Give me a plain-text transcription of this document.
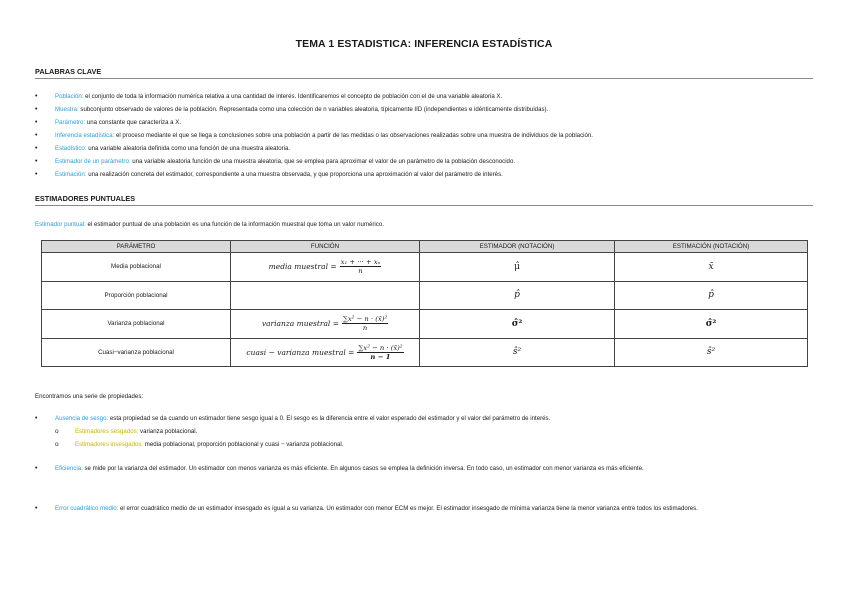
TEMA 1 ESTADISTICA: INFERENCIA ESTADÍSTICA
PALABRAS CLAVE
• Población: el conjunto de toda la información numérica relativa a una cantidad de interés. Identificaremos el concepto de población con el de una variable aleatoria X.
• Muestra: subconjunto observado de valores de la población. Representada como una colección de n variables aleatoria, típicamente IID (independientes e idénticamente distribuidas).
• Parámetro: una constante que caracteriza a X.
• Inferencia estadística: el proceso mediante el que se llega a conclusiones sobre una población a partir de las medidas o las observaciones realizadas sobre una muestra de individuos de la población.
• Estadístico: una variable aleatoria definida como una función de una muestra aleatoria.
• Estimador de un parámetro: una variable aleatoria función de una muestra aleatoria, que se emplea para aproximar el valor de un parámetro de la población desconocido.
• Estimación: una realización concreta del estimador, correspondiente a una muestra observada, y que proporciona una aproximación al valor del parámetro de interés.
ESTIMADORES PUNTUALES
Estimador puntual: el estimador puntual de una población es una función de la información muestral que toma un valor numérico.
PARÁMETRO	FUNCIÓN	ESTIMADOR (NOTACIÓN)	ESTIMACIÓN (NOTACIÓN)
Media poblacional	media muestral = $\frac{\text{x₁ + ··· + xₙ}}{n}$	μ̂	x̄
Proporción poblacional		p̂	p̂
Varianza poblacional	varianza muestral = $\frac{\text{∑x² − n · (x̄)²}}{n}$	σ̂²	σ̂²
Cuasi−varianza poblacional	cuasi − varianza muestral = $\frac{\text{∑x² − n · (x̄)²}}{n - 1}$	ŝ²	ŝ²
Encontramos una serie de propiedades:
• Ausencia de sesgo: esta propiedad se da cuando un estimador tiene sesgo igual a 0. El sesgo es la diferencia entre el valor esperado del estimador y el valor del parámetro de interés.
o Estimadores sesgados: varianza poblacional.
o Estimadores insesgados: media poblacional, proporción poblacional y cuasi − varianza poblacional.
• Eficiencia: se mide por la varianza del estimador. Un estimador con menos varianza es más eficiente. En algunos casos se emplea la definición inversa. En todo caso, un estimador con menor varianza es más eficiente.
• Error cuadrático medio: el error cuadrático medio de un estimador insesgado es igual a su varianza. Un estimador con menor ECM es mejor. El estimador insesgado de mínima varianza tiene la menor varianza entre todos los estimadores.
